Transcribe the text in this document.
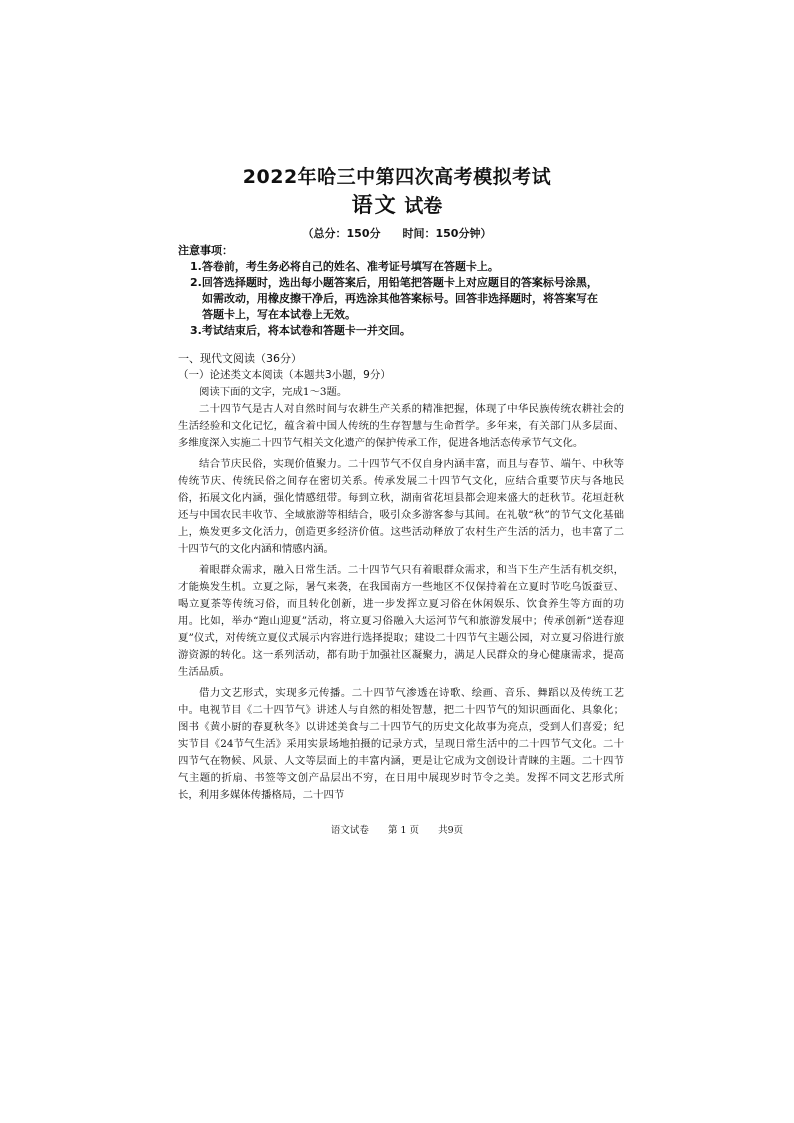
2022年哈三中第四次高考模拟考试
语文 试卷
（总分：150分 时间：150分钟）
注意事项：
1.答卷前，考生务必将自己的姓名、准考证号填写在答题卡上。
2.回答选择题时，选出每小题答案后，用铅笔把答题卡上对应题目的答案标号涂黑，
如需改动，用橡皮擦干净后，再选涂其他答案标号。回答非选择题时，将答案写在
答题卡上，写在本试卷上无效。
3.考试结束后，将本试卷和答题卡一并交回。
一、现代文阅读（36分）
（一）论述类文本阅读（本题共3小题，9分）

阅读下面的文字，完成1～3题。

二十四节气是古人对自然时间与农耕生产关系的精准把握，体现了中华民族传统农耕社会的生活经验和文化记忆，蕴含着中国人传统的生存智慧与生命哲学。多年来，有关部门从多层面、多维度深入实施二十四节气相关文化遗产的保护传承工作，促进各地活态传承节气文化。

结合节庆民俗，实现价值聚力。二十四节气不仅自身内涵丰富，而且与春节、端午、中秋等传统节庆、传统民俗之间存在密切关系。传承发展二十四节气文化，应结合重要节庆与各地民俗，拓展文化内涵，强化情感纽带。每到立秋，湖南省花垣县都会迎来盛大的赶秋节。花垣赶秋还与中国农民丰收节、全域旅游等相结合，吸引众多游客参与其间。在礼敬“秋”的节气文化基础上，焕发更多文化活力，创造更多经济价值。这些活动释放了农村生产生活的活力，也丰富了二十四节气的文化内涵和情感内涵。

着眼群众需求，融入日常生活。二十四节气只有着眼群众需求，和当下生产生活有机交织，才能焕发生机。立夏之际，暑气来袭，在我国南方一些地区不仅保持着在立夏时节吃乌饭蚕豆、喝立夏茶等传统习俗，而且转化创新，进一步发挥立夏习俗在休闲娱乐、饮食养生等方面的功用。比如，举办“跑山迎夏”活动，将立夏习俗融入大运河节气和旅游发展中；传承创新“送春迎夏”仪式，对传统立夏仪式展示内容进行选择提取；建设二十四节气主题公园，对立夏习俗进行旅游资源的转化。这一系列活动，都有助于加强社区凝聚力，满足人民群众的身心健康需求，提高生活品质。

借力文艺形式，实现多元传播。二十四节气渗透在诗歌、绘画、音乐、舞蹈以及传统工艺中。电视节目《二十四节气》讲述人与自然的相处智慧，把二十四节气的知识画面化、具象化；图书《黄小厨的春夏秋冬》以讲述美食与二十四节气的历史文化故事为亮点，受到人们喜爱；纪实节目《24节气生活》采用实景场地拍摄的记录方式，呈现日常生活中的二十四节气文化。二十四节气在物候、风景、人文等层面上的丰富内涵，更是让它成为文创设计青睐的主题。二十四节气主题的折扇、书签等文创产品层出不穷，在日用中展现岁时节令之美。发挥不同文艺形式所长，利用多媒体传播格局，二十四节

语文试卷 第 1 页 共9页
